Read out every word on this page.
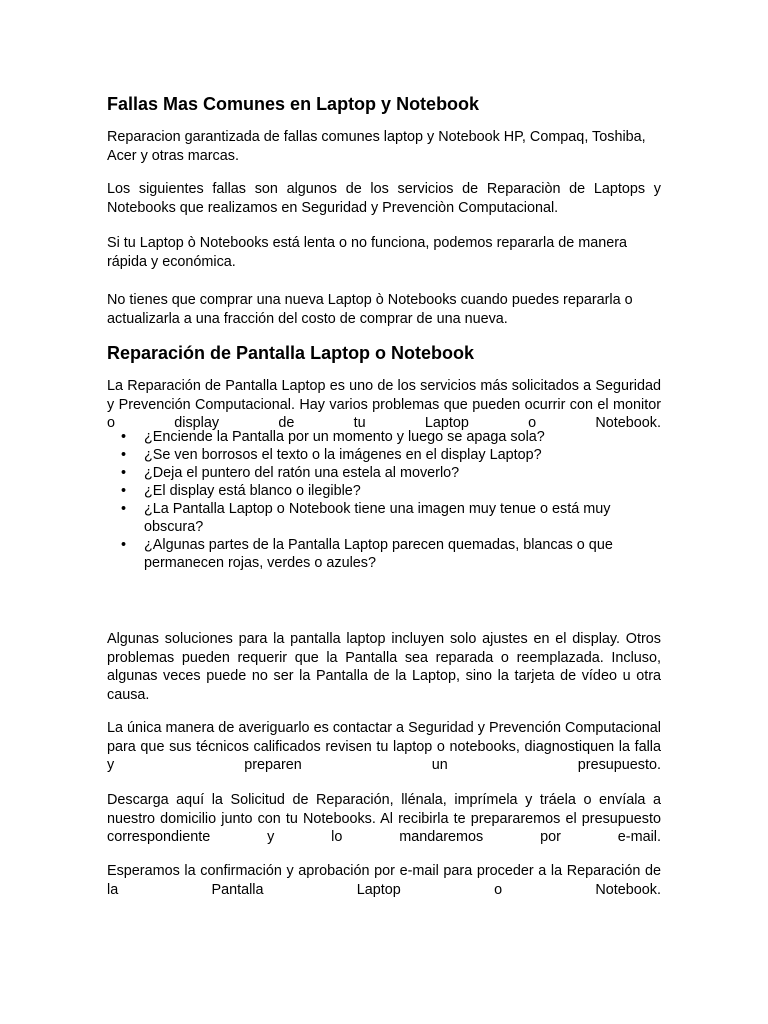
Fallas Mas Comunes en Laptop y Notebook

Reparacion garantizada de fallas comunes laptop y Notebook HP, Compaq, Toshiba, Acer y otras marcas.

Los siguientes fallas son algunos de los servicios de Reparaciòn de Laptops y Notebooks que realizamos en Seguridad y Prevenciòn Computacional.

Si tu Laptop ò Notebooks está lenta o no funciona, podemos repararla de manera rápida y económica.

No tienes que comprar una nueva Laptop ò Notebooks cuando puedes repararla o actualizarla a una fracción del costo de comprar de una nueva.

Reparación de Pantalla Laptop o Notebook

La Reparación de Pantalla Laptop es uno de los servicios más solicitados a Seguridad y Prevención Computacional. Hay varios problemas que pueden ocurrir con el monitor o display de tu Laptop o Notebook.

• ¿Enciende la Pantalla por un momento y luego se apaga sola?
• ¿Se ven borrosos el texto o la imágenes en el display Laptop?
• ¿Deja el puntero del ratón una estela al moverlo?
• ¿El display está blanco o ilegible?
• ¿La Pantalla Laptop o Notebook tiene una imagen muy tenue o está muy obscura?
• ¿Algunas partes de la Pantalla Laptop parecen quemadas, blancas o que permanecen rojas, verdes o azules?

Algunas soluciones para la pantalla laptop incluyen solo ajustes en el display. Otros problemas pueden requerir que la Pantalla sea reparada o reemplazada. Incluso, algunas veces puede no ser la Pantalla de la Laptop, sino la tarjeta de vídeo u otra causa.

La única manera de averiguarlo es contactar a Seguridad y Prevención Computacional para que sus técnicos calificados revisen tu laptop o notebooks, diagnostiquen la falla y preparen un presupuesto.

Descarga aquí la Solicitud de Reparación, llénala, imprímela y tráela o envíala a nuestro domicilio junto con tu Notebooks. Al recibirla te prepararemos el presupuesto correspondiente y lo mandaremos por e-mail.

Esperamos la confirmación y aprobación por e-mail para proceder a la Reparación de la Pantalla Laptop o Notebook.
